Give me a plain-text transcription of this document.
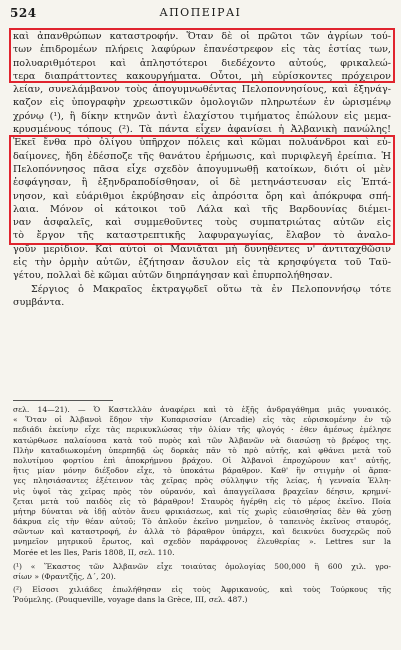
524	ΑΠΟΠΕΙΡΑΙ
καὶ ἀπανθρώπων καταστροφήν. Ὅταν δὲ οἱ πρῶτοι τῶν ἀγρίων τού-
των ἐπιδρομέων πλήρεις λαφύρων ἐπανέστρεφον εἰς τὰς ἑστίας των,
πολυαριθμότεροι καὶ ἀπληστότεροι διεδέχοντο αὐτούς, φρικαλεώ-
τερα διαπράττοντες κακουργήματα. Οὗτοι, μὴ εὑρίσκοντες πρόχειρον
λείαν, συνελάμβανον τοὺς ἀπογυμνωθέντας Πελοποννησίους, καὶ ἐξηνάγ-
καζον εἰς ὑπογραφὴν χρεωστικῶν ὁμολογιῶν πληρωτέων ἐν ὡρισμένῳ
χρόνῳ (¹), ἢ δίκην κτηνῶν ἀντὶ ἐλαχίστου τιμήματος ἐπώλουν εἰς μεμα-
κρυσμένους τόπους (²). Τὰ πάντα εἶχεν ἀφανίσει ἡ Ἀλβανικὴ πανώλης!
Ἐκεῖ ἔνθα πρὸ ὀλίγου ὑπῆρχον πόλεις καὶ κῶμαι πολυάνδροι καὶ εὐ-
δαίμονες, ἤδη ἐδέσποζε τῆς θανάτου ἐρήμωσις, καὶ πυριφλεγῆ ἐρείπια. Ἡ
Πελοπόννησος πᾶσα εἶχε σχεδὸν ἀπογυμνωθῇ κατοίκων, διότι οἱ μὲν
ἐσφάγησαν, ἢ ἐξηνδραποδίσθησαν, οἱ δὲ μετηνάστευσαν εἰς Ἑπτά-
νησον, καὶ εὐάριθμοι ἐκρύβησαν εἰς ἀπρόσιτα ὄρη καὶ ἀπόκρυφα σπή-
λαια. Μόνον οἱ κάτοικοι τοῦ Λάλα καὶ τῆς Βαρδουνίας διέμει-
ναν ἀσφαλεῖς, καὶ συμμεθοῦντες τοὺς συμπατριώτας αὐτῶν εἰς
τὸ ἔργον τῆς καταστρεπτικῆς λαφυραγωγίας, ἔλαβον τὸ ἀναλο-
γοῦν μερίδιον. Καὶ αὐτοὶ οἱ Μανιᾶται μὴ δυνηθέντες ν' ἀντιταχθῶσιν
εἰς τὴν ὁρμὴν αὐτῶν, ἐζήτησαν ἄσυλον εἰς τὰ κρησφύγετα τοῦ Ταϋ-
γέτου, πολλαὶ δὲ κῶμαι αὐτῶν διηρπάγησαν καὶ ἐπυρπολήθησαν.
Σέργιος ὁ Μακραῖος ἐκτραγῳδεῖ οὕτω τὰ ἐν Πελοποννήσῳ τότε
συμβάντα.
σελ. 14—21). — Ὁ Καστελλὰν ἀναφέρει καὶ τὸ ἑξῆς ἀνδραγάθημα μιᾶς γυναικός.
« Ὅταν οἱ Ἀλβανοὶ ἔδῃον τὴν Κυπαρισσίαν (Arcadie) εἰς τὰς εὑρισκομένην ἐν τῷ
πεδιάδι ἐκείνην εἶχε τὰς περικυκλώσας τὴν ὁλίαν τῆς φλογός · ἐθεν ἀμέσως ἐμέλησε
κατώρθωσε παλαίουσα κατὰ τοῦ πυρὸς καὶ τῶν Ἀλβανῶν νὰ διασώσῃ τὸ βρέφος της.
Πλὴν καταδιωκομένη ὑπερπηδᾷ ὡς δορκὰς πᾶν τὸ πρὸ αὐτῆς, καὶ φθάνει μετὰ τοῦ
πολυτίμου φορτίου ἐπὶ ἀποκρήμνου βράχου. Οἱ Ἀλβανοὶ ἐπροχώρουν κατ' αὐτῆς,
ἥτις μίαν μόνην διέξοδον εἶχε, τὸ ὑποκάτω βάραθρον. Καθ' ἣν στιγμὴν οἱ ἅρπα-
γες πλησιάσαντες ἐξέτεινον τὰς χεῖρας πρὸς σύλληψιν τῆς λείας, ἡ γενναία Ἑλλη-
νὶς ὑψοῖ τὰς χεῖρας πρὸς τὸν οὐρανόν, καὶ ἀπαγγείλασα βραχεῖαν δέησιν, κρημνί-
ζεται μετὰ τοῦ παιδὸς εἰς τὸ βάραθρον! Σταυρὸς ἠγέρθη εἰς τὸ μέρος ἐκεῖνο. Ποία
μήτηρ δύναται νὰ ἰδῇ αὐτὸν ἄνευ φρικιάσεως, καὶ τίς χωρὶς εὐαισθησίας δὲν θὰ χύσῃ
δάκρυα εἰς τὴν θέαν αὐτοῦ; Τὸ ἁπλοῦν ἐκεῖνο μνημεῖον, ὁ ταπεινὸς ἐκεῖνος σταυρός,
σῶντων καὶ καταστροφή, ἐν ἀλλὰ τὸ βάραθρον ὑπάρχει, καὶ δεικνύει δυσχερῶς ποῦ
μνημεῖον μητρικοῦ ἔρωτος, καὶ σχεδὸν παράφρονος ἐλευθερίας ». Lettres sur la
Morée et les Iles, Paris 1808, II, σελ. 110.
(¹) « Ἕκαστος τῶν Ἀλβανῶν εἶχε τοιαύτας ὁμολογίας 500,000 ἢ 600 χιλ. γρο-
σίων » (Φραντζῆς, Δ΄, 20).
(²) Εἰσοσι χιλιάδες ἐπωλήθησαν εἰς τοὺς Ἀφρικανούς, καὶ τοὺς Τούρκους τῆς
Ῥούμελης. (Pouqueville, voyage dans la Grèce, III, σελ. 487.)
